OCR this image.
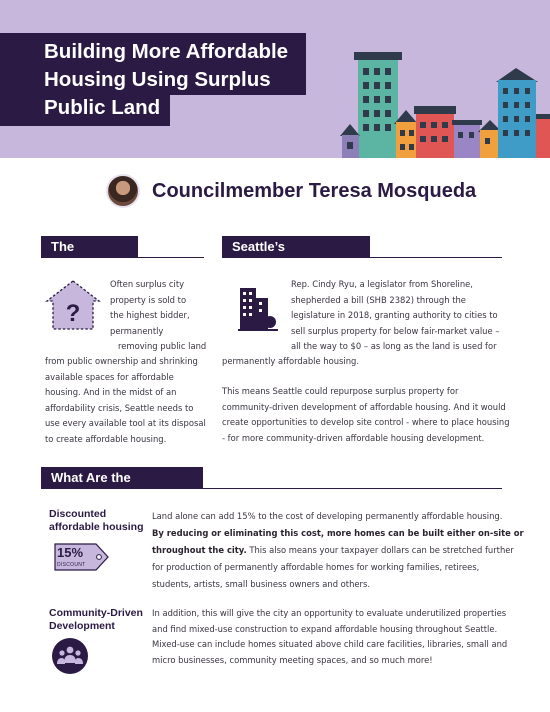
Building More Affordable
Housing Using Surplus
Public Land
Councilmember Teresa Mosqueda
The Problem
?
Often surplus city
property is sold to
the highest bidder,
permanently
removing public land
from public ownership and shrinking
available spaces for affordable
housing. And in the midst of an
affordability crisis, Seattle needs to
use every available tool at its disposal
to create affordable housing.
Seattle’s Opportunity
Rep. Cindy Ryu, a legislator from Shoreline,
shepherded a bill (SHB 2382) through the
legislature in 2018, granting authority to cities to
sell surplus property for below fair-market value –
all the way to $0 – as long as the land is used for
permanently affordable housing.
This means Seattle could repurpose surplus property for
community-driven development of affordable housing. And it would
create opportunities to develop site control - where to place housing
- for more community-driven affordable housing development.
What Are the Benefits?
Discounted
affordable housing
15%
DISCOUNT
Land alone can add 15% to the cost of developing permanently affordable housing.
By reducing or eliminating this cost, more homes can be built either on-site or
throughout the city. This also means your taxpayer dollars can be stretched further
for production of permanently affordable homes for working families, retirees,
students, artists, small business owners and others.
Community-Driven
Development
In addition, this will give the city an opportunity to evaluate underutilized properties
and find mixed-use construction to expand affordable housing throughout Seattle.
Mixed-use can include homes situated above child care facilities, libraries, small and
micro businesses, community meeting spaces, and so much more!
